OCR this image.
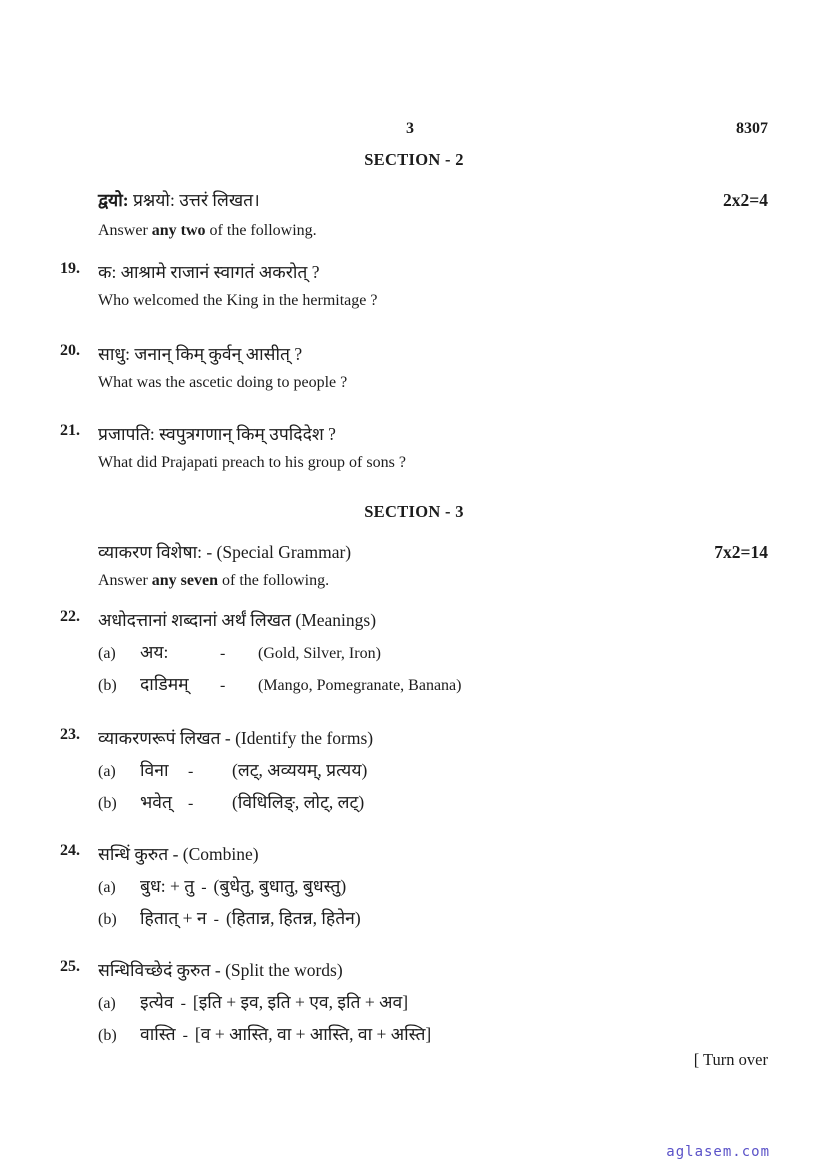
3	8307
SECTION - 2
द्वयो: प्रश्नयो: उत्तरं लिखत।	2x2=4
Answer any two of the following.
19.	क: आश्रामे राजानं स्वागतं अकरोत् ?
Who welcomed the King in the hermitage ?
20.	साधु: जनान् किम् कुर्वन् आसीत् ?
What was the ascetic doing to people ?
21.	प्रजापति: स्वपुत्रगणान् किम् उपदिदेश ?
What did Prajapati preach to his group of sons ?
SECTION - 3
व्याकरण विशेषा: - (Special Grammar)	7x2=14
Answer any seven of the following.
22.	अधोदत्तानां शब्दानां अर्थं लिखत (Meanings)
(a)	अय:	-	(Gold, Silver, Iron)
(b)	दाडिमम्	-	(Mango, Pomegranate, Banana)
23.	व्याकरणरूपं लिखत - (Identify the forms)
(a)	विना	-	(लट्, अव्ययम्, प्रत्यय)
(b)	भवेत् -	(विधिलिङ्, लोट्, लट्)
24.	सन्धिं कुरुत - (Combine)
(a)	बुध: + तु - (बुधेतु, बुधातु, बुधस्तु)
(b)	हितात् + न - (हितान्न, हितन्न, हितेन)
25.	सन्धिविच्छेदं कुरुत - (Split the words)
(a)	इत्येव - [इति + इव, इति + एव, इति + अव]
(b)	वास्ति - [व + आस्ति, वा + आस्ति, वा + अस्ति]
[ Turn over
aglasem.com
